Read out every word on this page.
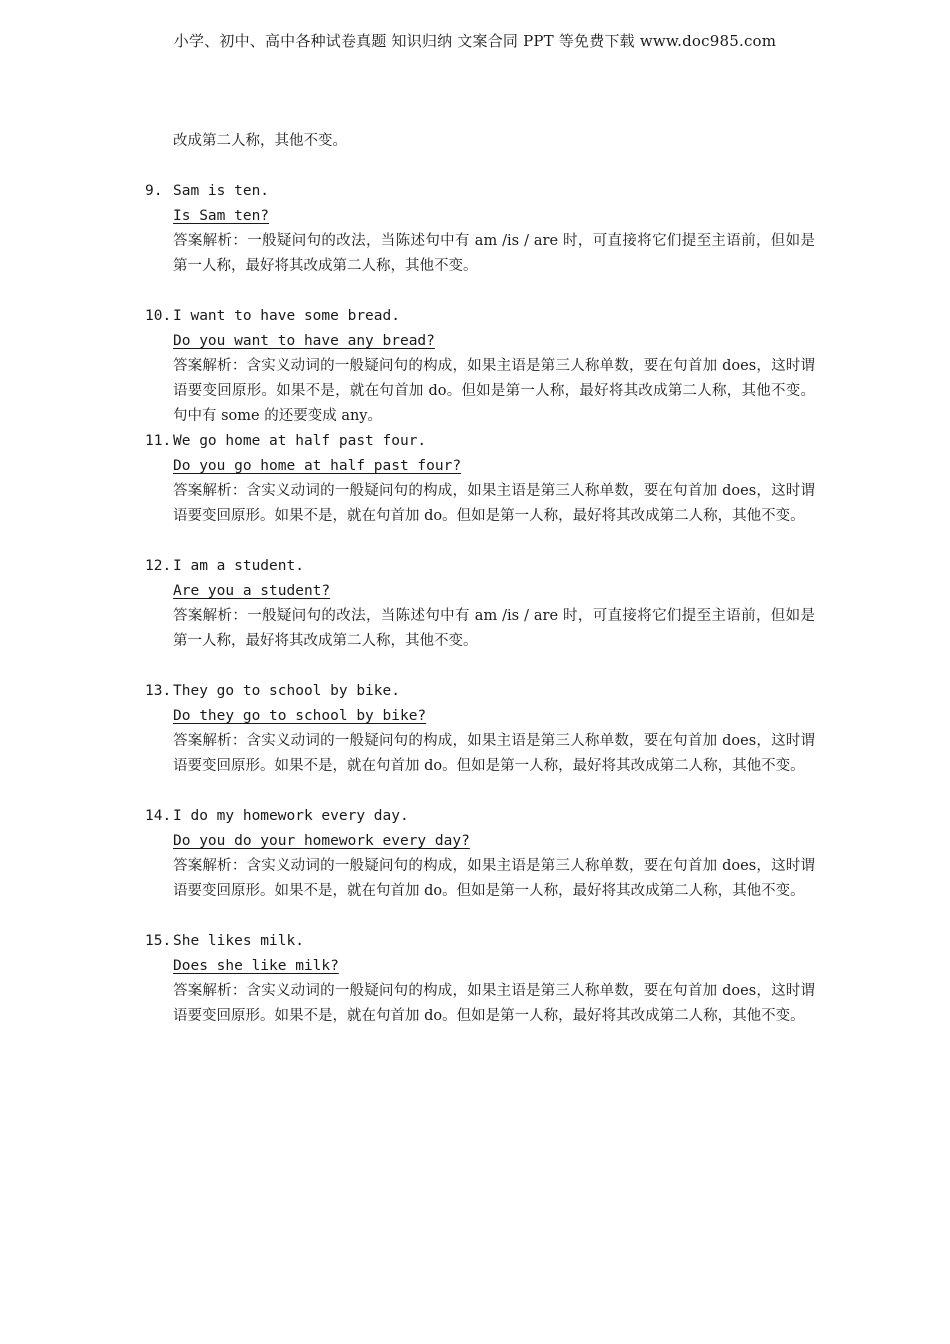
小学、初中、高中各种试卷真题 知识归纳 文案合同 PPT 等免费下载 www.doc985.com
改成第二人称，其他不变。
9. Sam is ten.
Is Sam ten?
答案解析：一般疑问句的改法，当陈述句中有 am /is / are 时，可直接将它们提至主语前，但如是第一人称，最好将其改成第二人称，其他不变。
10. I want to have some bread.
Do you want to have any bread?
答案解析：含实义动词的一般疑问句的构成，如果主语是第三人称单数，要在句首加 does，这时谓语要变回原形。如果不是，就在句首加 do。但如是第一人称，最好将其改成第二人称，其他不变。句中有 some 的还要变成 any。
11. We go home at half past four.
Do you go home at half past four?
答案解析：含实义动词的一般疑问句的构成，如果主语是第三人称单数，要在句首加 does，这时谓语要变回原形。如果不是，就在句首加 do。但如是第一人称，最好将其改成第二人称，其他不变。
12. I am a student.
Are you a student?
答案解析：一般疑问句的改法，当陈述句中有 am /is / are 时，可直接将它们提至主语前，但如是第一人称，最好将其改成第二人称，其他不变。
13. They go to school by bike.
Do they go to school by bike?
答案解析：含实义动词的一般疑问句的构成，如果主语是第三人称单数，要在句首加 does，这时谓语要变回原形。如果不是，就在句首加 do。但如是第一人称，最好将其改成第二人称，其他不变。
14. I do my homework every day.
Do you do your homework every day?
答案解析：含实义动词的一般疑问句的构成，如果主语是第三人称单数，要在句首加 does，这时谓语要变回原形。如果不是，就在句首加 do。但如是第一人称，最好将其改成第二人称，其他不变。
15. She likes milk.
Does she like milk?
答案解析：含实义动词的一般疑问句的构成，如果主语是第三人称单数，要在句首加 does，这时谓语要变回原形。如果不是，就在句首加 do。但如是第一人称，最好将其改成第二人称，其他不变。
